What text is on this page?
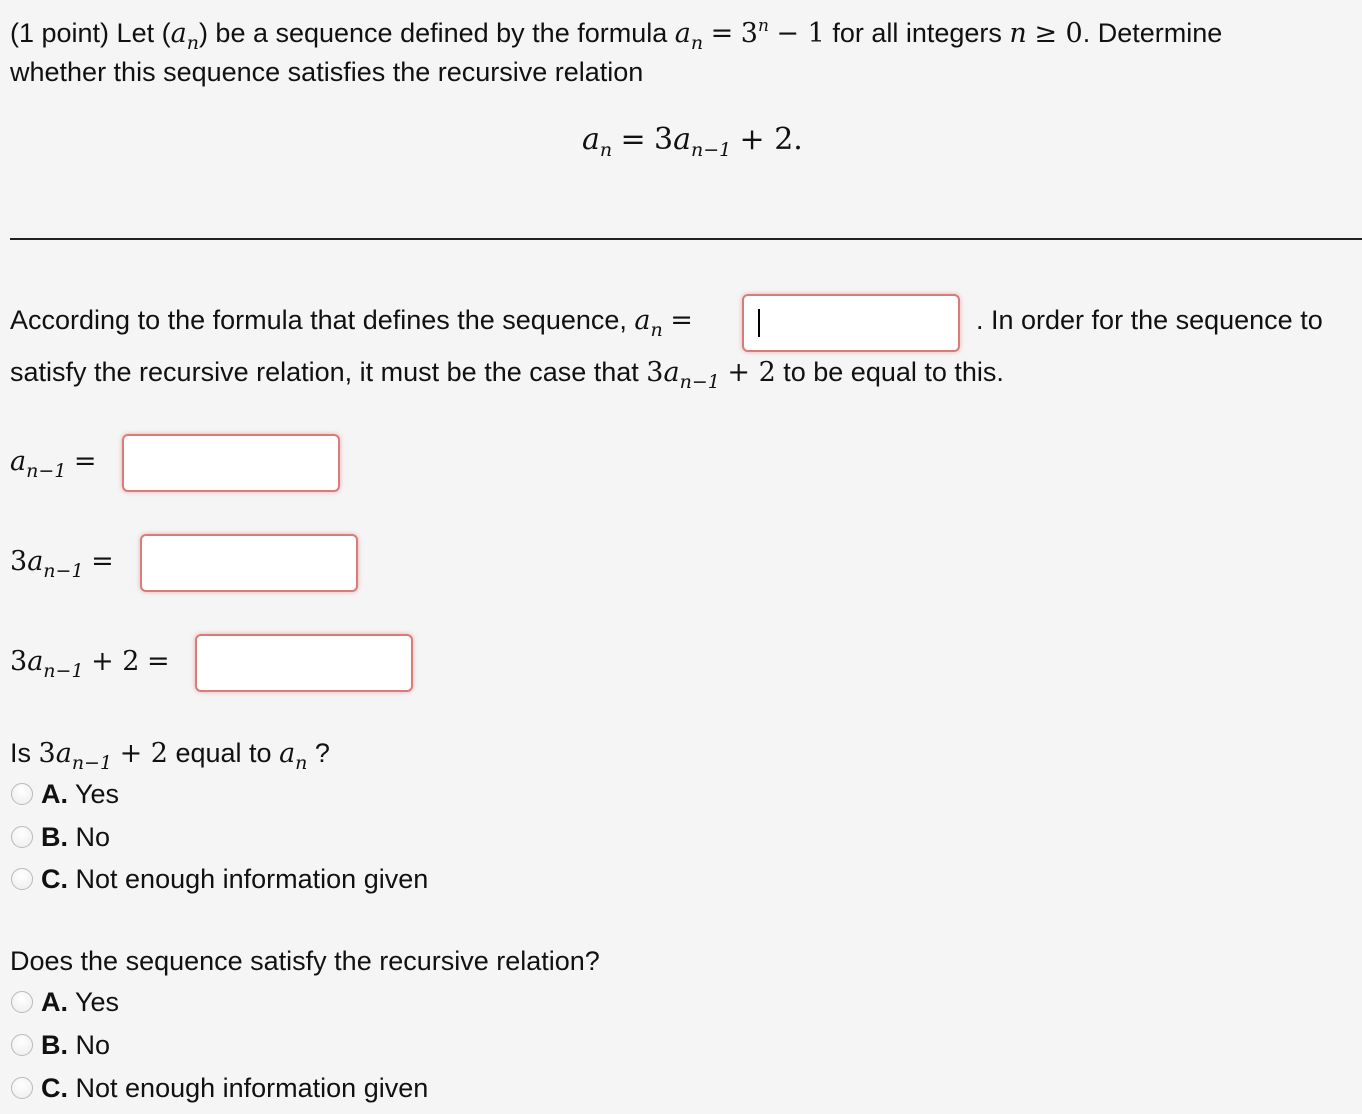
(1 point) Let $(a_n)$ be a sequence defined by the formula $a_n = 3^n - 1$ for all integers n ≥ 0. Determine
whether this sequence satisfies the recursive relation
$a_n = 3a_{n-1} + 2$.
According to the formula that defines the sequence, $a_n$ =	. In order for the sequence to
satisfy the recursive relation, it must be the case that $3a_{n-1} + 2$ to be equal to this.
$a_{n-1}$ =
$3a_{n-1}$ =
$3a_{n-1} + 2$ =
Is $3a_{n-1} + 2$ equal to $a_n$ ?
A. Yes
B. No
C. Not enough information given
Does the sequence satisfy the recursive relation?
A. Yes
B. No
C. Not enough information given
